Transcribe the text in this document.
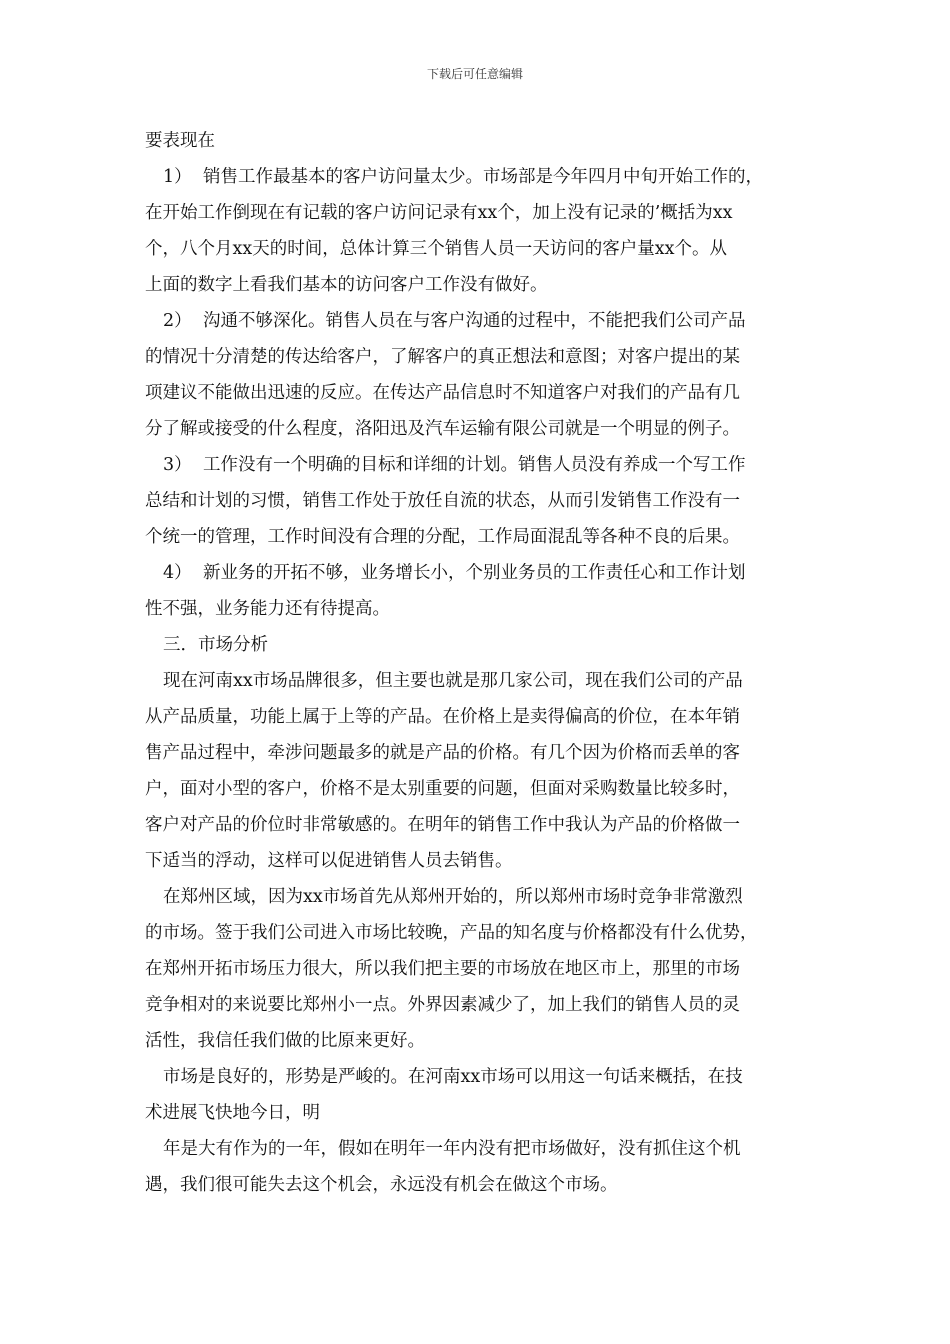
下载后可任意编辑
要表现在
1） 销售工作最基本的客户访问量太少。市场部是今年四月中旬开始工作的，
在开始工作倒现在有记载的客户访问记录有xx个，加上没有记录的’概括为xx
个，八个月xx天的时间，总体计算三个销售人员一天访问的客户量xx个。从
上面的数字上看我们基本的访问客户工作没有做好。
2） 沟通不够深化。销售人员在与客户沟通的过程中，不能把我们公司产品
的情况十分清楚的传达给客户，了解客户的真正想法和意图；对客户提出的某
项建议不能做出迅速的反应。在传达产品信息时不知道客户对我们的产品有几
分了解或接受的什么程度，洛阳迅及汽车运输有限公司就是一个明显的例子。
3） 工作没有一个明确的目标和详细的计划。销售人员没有养成一个写工作
总结和计划的习惯，销售工作处于放任自流的状态，从而引发销售工作没有一
个统一的管理，工作时间没有合理的分配，工作局面混乱等各种不良的后果。
4） 新业务的开拓不够，业务增长小，个别业务员的工作责任心和工作计划
性不强，业务能力还有待提高。
三．市场分析
现在河南xx市场品牌很多，但主要也就是那几家公司，现在我们公司的产品
从产品质量，功能上属于上等的产品。在价格上是卖得偏高的价位，在本年销
售产品过程中，牵涉问题最多的就是产品的价格。有几个因为价格而丢单的客
户，面对小型的客户，价格不是太别重要的问题，但面对采购数量比较多时，
客户对产品的价位时非常敏感的。在明年的销售工作中我认为产品的价格做一
下适当的浮动，这样可以促进销售人员去销售。
在郑州区域，因为xx市场首先从郑州开始的，所以郑州市场时竞争非常激烈
的市场。签于我们公司进入市场比较晚，产品的知名度与价格都没有什么优势，
在郑州开拓市场压力很大，所以我们把主要的市场放在地区市上，那里的市场
竞争相对的来说要比郑州小一点。外界因素减少了，加上我们的销售人员的灵
活性，我信任我们做的比原来更好。
市场是良好的，形势是严峻的。在河南xx市场可以用这一句话来概括，在技
术进展飞快地今日，明
年是大有作为的一年，假如在明年一年内没有把市场做好，没有抓住这个机
遇，我们很可能失去这个机会，永远没有机会在做这个市场。
